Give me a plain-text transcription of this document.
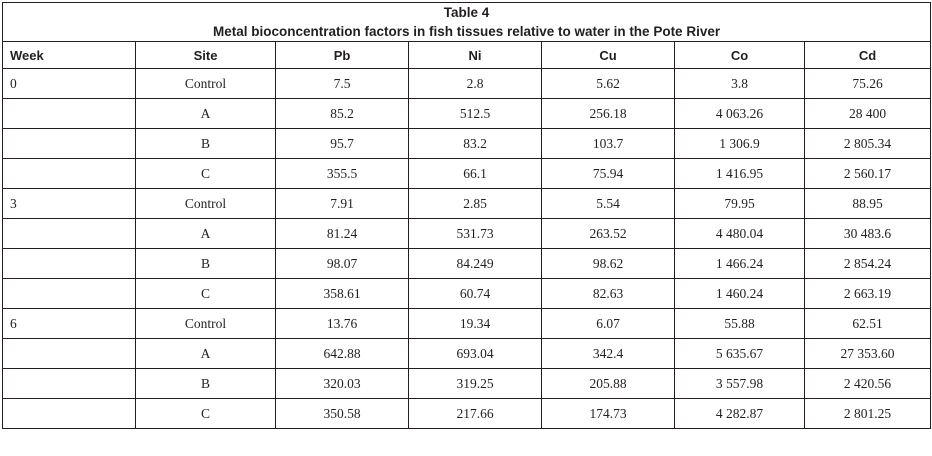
Table 4
Metal bioconcentration factors in fish tissues relative to water in the Pote River						

Week	Site	Pb	Ni	Cu	Co	Cd
0	Control	7.5	2.8	5.62	3.8	75.26
	A	85.2	512.5	256.18	4 063.26	28 400
	B	95.7	83.2	103.7	1 306.9	2 805.34
	C	355.5	66.1	75.94	1 416.95	2 560.17
3	Control	7.91	2.85	5.54	79.95	88.95
	A	81.24	531.73	263.52	4 480.04	30 483.6
	B	98.07	84.249	98.62	1 466.24	2 854.24
	C	358.61	60.74	82.63	1 460.24	2 663.19
6	Control	13.76	19.34	6.07	55.88	62.51
	A	642.88	693.04	342.4	5 635.67	27 353.60
	B	320.03	319.25	205.88	3 557.98	2 420.56
	C	350.58	217.66	174.73	4 282.87	2 801.25
